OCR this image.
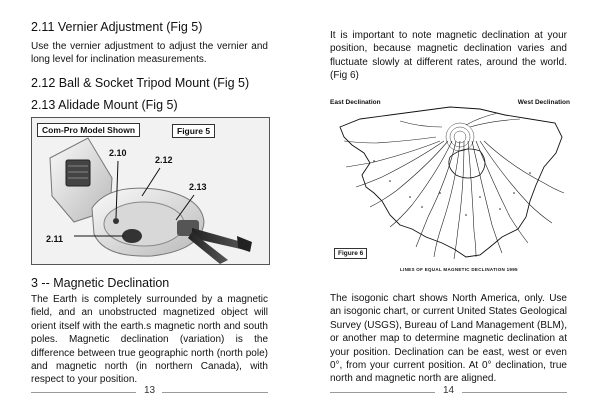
2.11 Vernier Adjustment (Fig 5)
Use the vernier adjustment to adjust the vernier and long level for inclination measurements.
2.12 Ball & Socket Tripod Mount (Fig 5)
2.13 Alidade Mount (Fig 5)
Com-Pro Model Shown	Figure 5
2.10
2.12
2.13
2.11
3 -- Magnetic Declination
The Earth is completely surrounded by a magnetic field, and an unobstructed magnetized object will orient itself with the earth.s magnetic north and south poles. Magnetic declination (variation) is the difference between true geographic north (north pole) and magnetic north (in northern Canada), with respect to your position.
13
It is important to note magnetic declination at your position, because magnetic declination varies and fluctuate slowly at different rates, around the world. (Fig 6)
East Declination	West Declination
Figure 6
LINES OF EQUAL MAGNETIC DECLINATION 1995
The isogonic chart shows North America, only. Use an isogonic chart, or current United States Geological Survey (USGS), Bureau of Land Management (BLM), or another map to determine magnetic declination at your position. Declination can be east, west or even 0°, from your current position. At 0° declination, true north and magnetic north are aligned.
14
